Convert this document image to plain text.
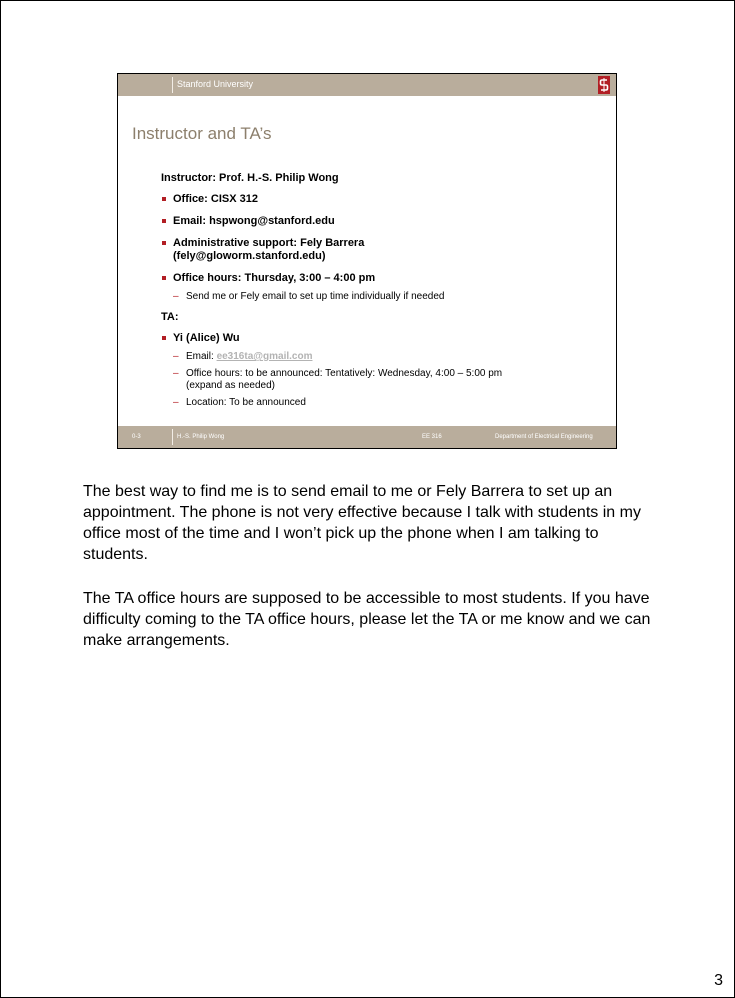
Stanford University
Instructor and TA’s
Instructor: Prof. H.-S. Philip Wong
Office: CISX 312
Email: hspwong@stanford.edu
Administrative support: Fely Barrera
(fely@gloworm.stanford.edu)
Office hours: Thursday, 3:00 – 4:00 pm
– Send me or Fely email to set up time individually if needed
TA:
Yi (Alice) Wu
– Email: ee316ta@gmail.com
– Office hours: to be announced: Tentatively: Wednesday, 4:00 – 5:00 pm
(expand as needed)
– Location: To be announced
0-3	H.-S. Philip Wong	EE 316	Department of Electrical Engineering

The best way to find me is to send email to me or Fely Barrera to set up an appointment. The phone is not very effective because I talk with students in my office most of the time and I won’t pick up the phone when I am talking to students.

The TA office hours are supposed to be accessible to most students. If you have difficulty coming to the TA office hours, please let the TA or me know and we can make arrangements.

3
